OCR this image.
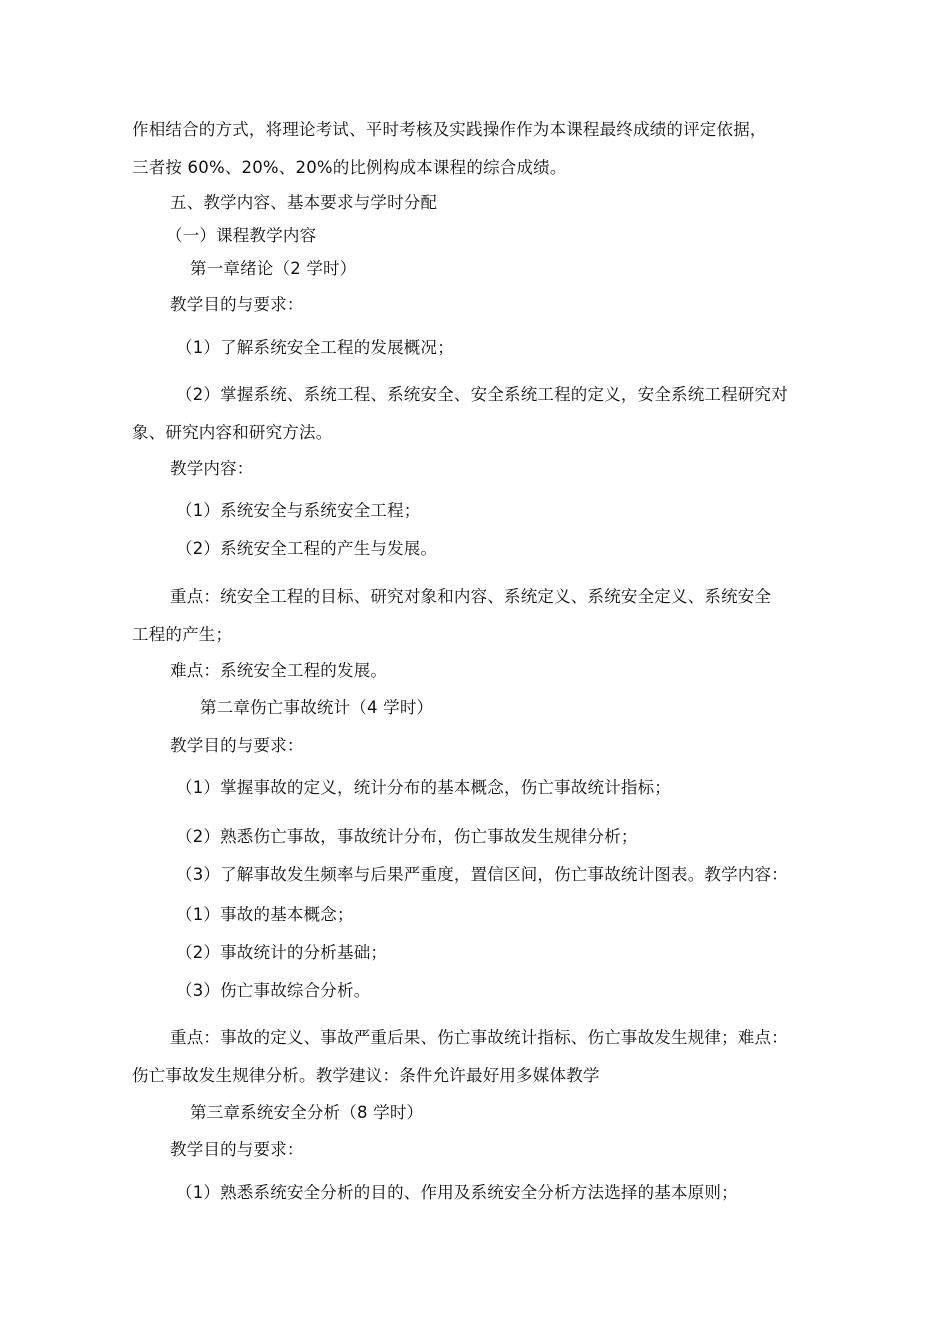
作相结合的方式，将理论考试、平时考核及实践操作作为本课程最终成绩的评定依据，
三者按 60%、20%、20%的比例构成本课程的综合成绩。
五、教学内容、基本要求与学时分配
（一）课程教学内容
第一章绪论（2 学时）
教学目的与要求：
（1）了解系统安全工程的发展概况；
（2）掌握系统、系统工程、系统安全、安全系统工程的定义，安全系统工程研究对
象、研究内容和研究方法。
教学内容：
（1）系统安全与系统安全工程；
（2）系统安全工程的产生与发展。
重点：统安全工程的目标、研究对象和内容、系统定义、系统安全定义、系统安全
工程的产生；
难点：系统安全工程的发展。
第二章伤亡事故统计（4 学时）
教学目的与要求：
（1）掌握事故的定义，统计分布的基本概念，伤亡事故统计指标；
（2）熟悉伤亡事故，事故统计分布，伤亡事故发生规律分析；
（3）了解事故发生频率与后果严重度，置信区间，伤亡事故统计图表。教学内容：
（1）事故的基本概念；
（2）事故统计的分析基础；
（3）伤亡事故综合分析。
重点：事故的定义、事故严重后果、伤亡事故统计指标、伤亡事故发生规律；难点：
伤亡事故发生规律分析。教学建议：条件允许最好用多媒体教学
第三章系统安全分析（8 学时）
教学目的与要求：
（1）熟悉系统安全分析的目的、作用及系统安全分析方法选择的基本原则；
